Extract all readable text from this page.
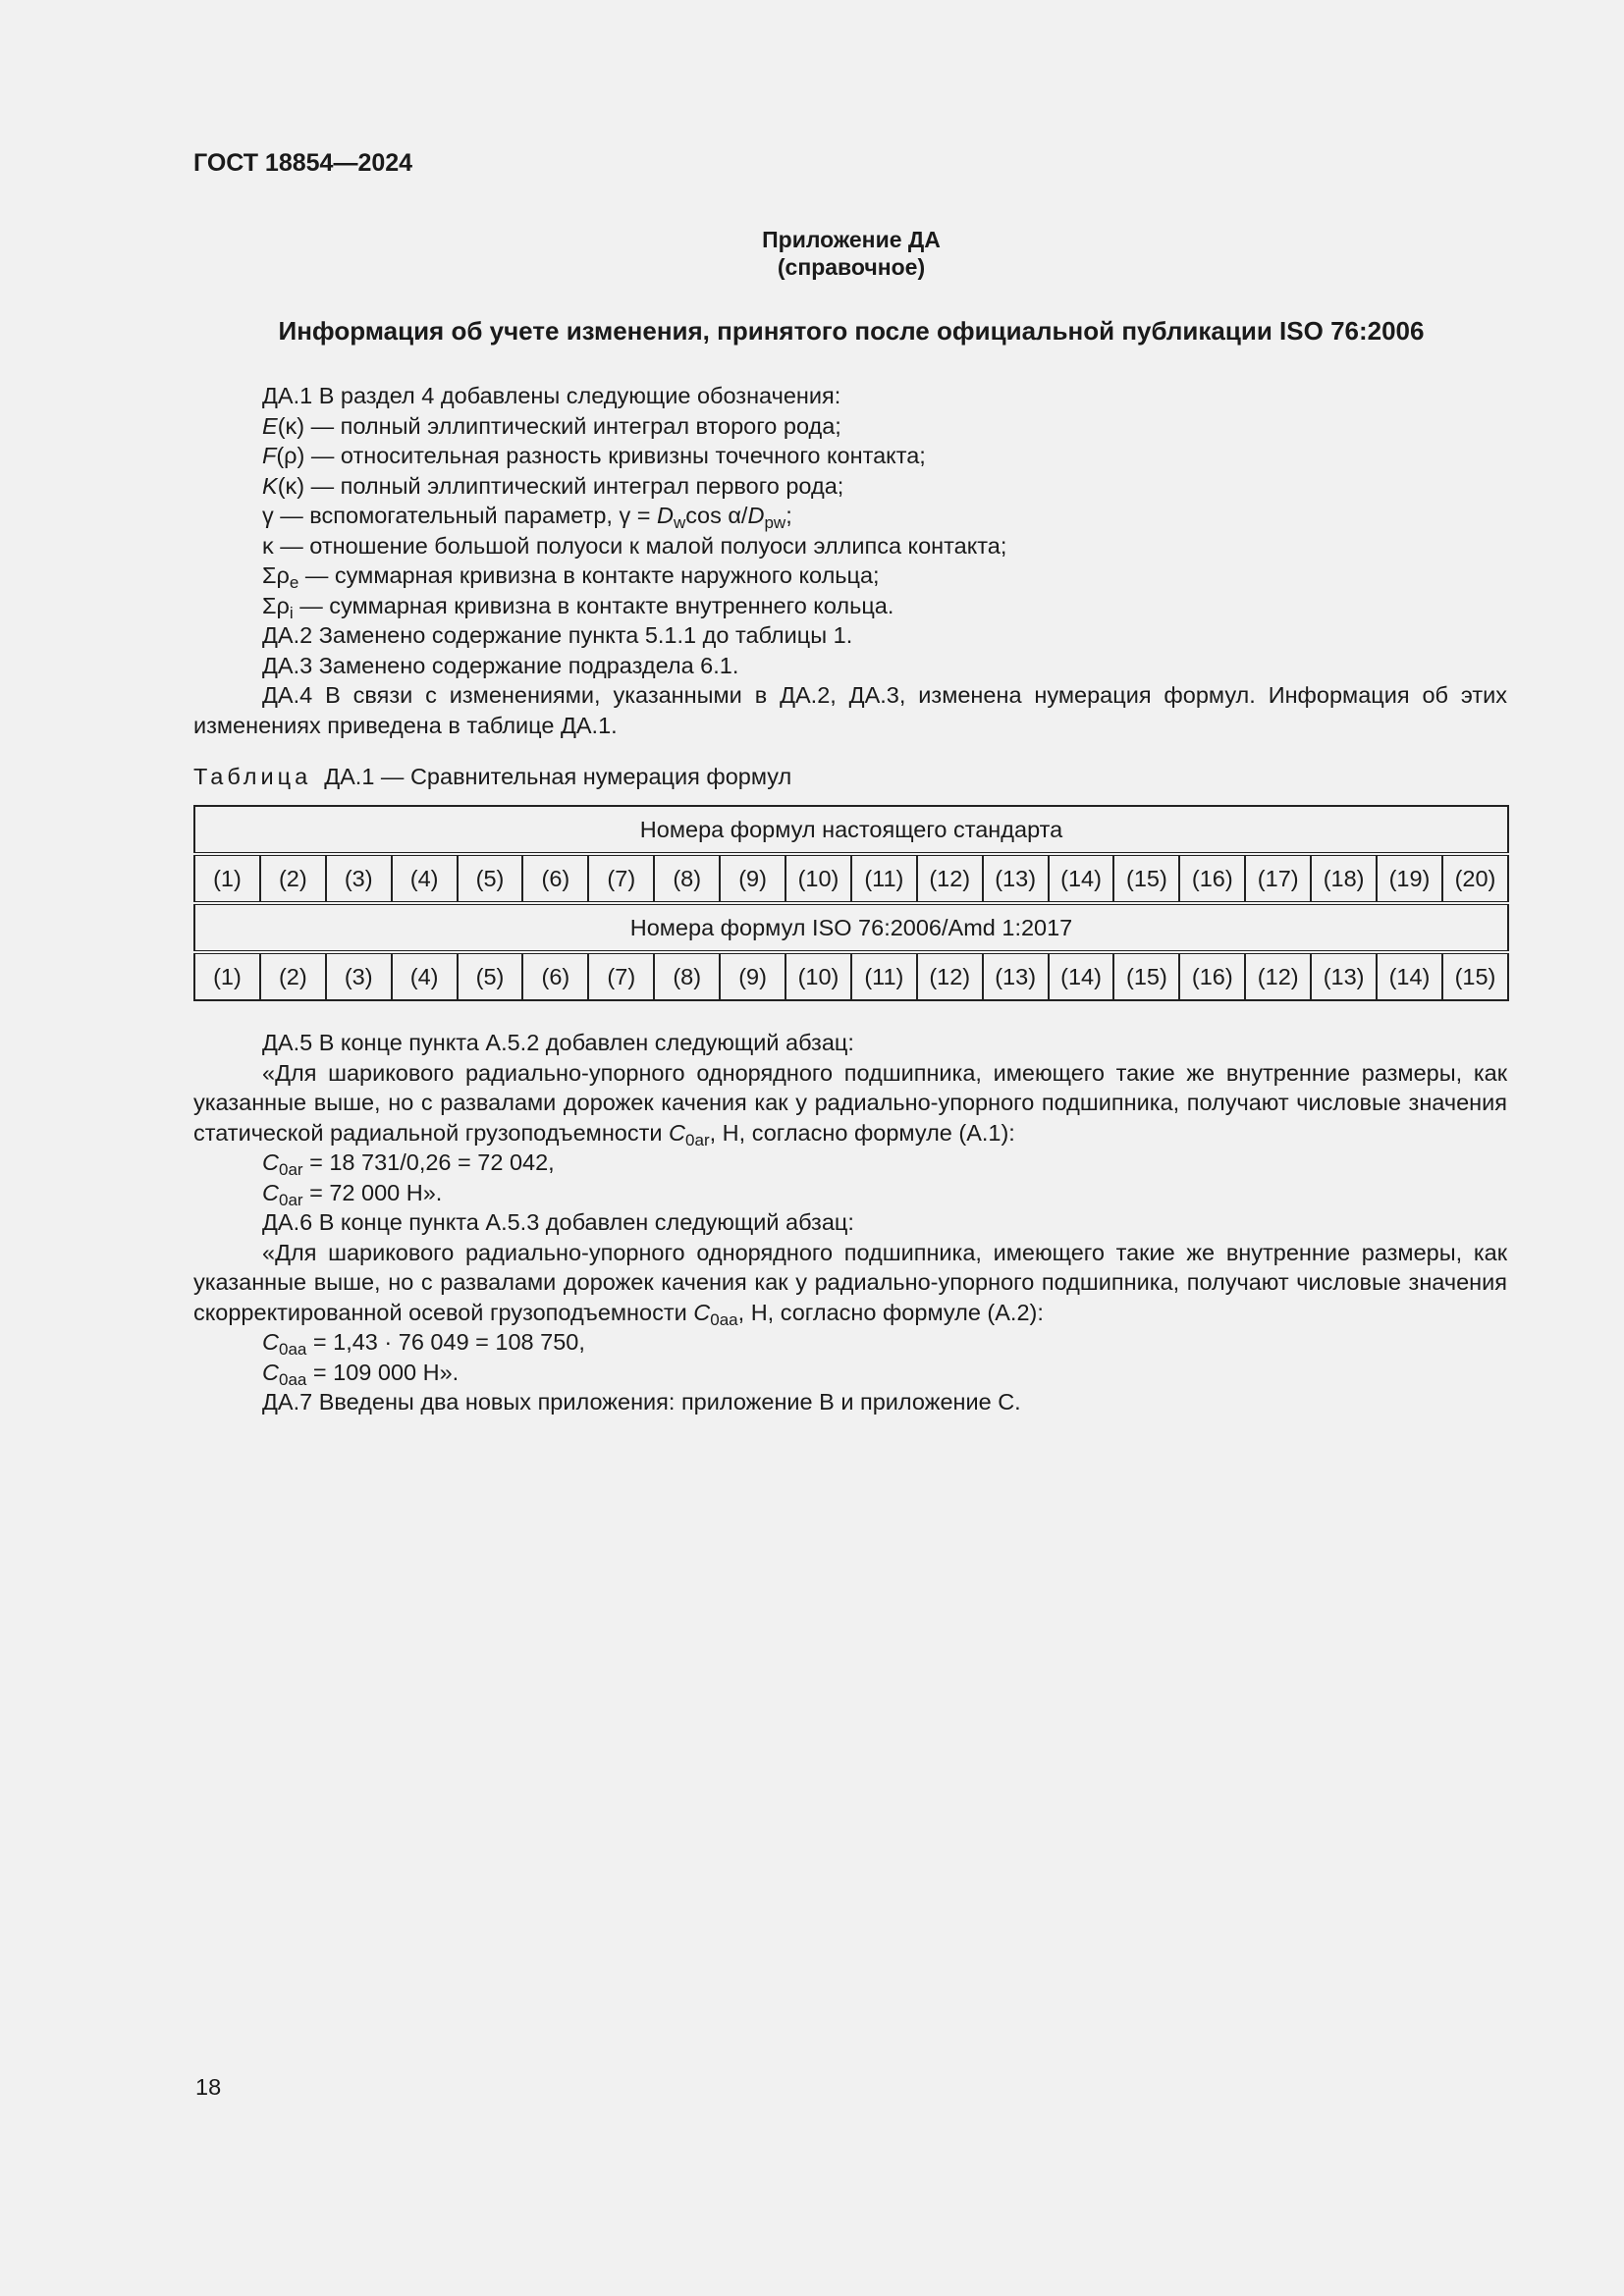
ГОСТ 18854—2024
Приложение ДА
(справочное)
Информация об учете изменения, принятого после официальной публикации ISO 76:2006

ДА.1 В раздел 4 добавлены следующие обозначения:

E(κ) — полный эллиптический интеграл второго рода;

F(ρ) — относительная разность кривизны точечного контакта;

K(κ) — полный эллиптический интеграл первого рода;

γ — вспомогательный параметр, $\gamma = D_w\cos$ $\alpha/D_{pw}$;

κ — отношение большой полуоси к малой полуоси эллипса контакта;

$\Sigma\rho_e$ — суммарная кривизна в контакте наружного кольца;

$\Sigma\rho_i$ — суммарная кривизна в контакте внутреннего кольца.

ДА.2 Заменено содержание пункта 5.1.1 до таблицы 1.

ДА.3 Заменено содержание подраздела 6.1.

ДА.4 В связи с изменениями, указанными в ДА.2, ДА.3, изменена нумерация формул. Информация об этих изменениях приведена в таблице ДА.1.

Таблица ДА.1 — Сравнительная нумерация формул
Номера формул настоящего стандарта																			
(1)	(2)	(3)	(4)	(5)	(6)	(7)	(8)	(9)	(10)	(11)	(12)	(13)	(14)	(15)	(16)	(17)	(18)	(19)	(20)
Номера формул ISO 76:2006/Amd 1:2017																			
(1)	(2)	(3)	(4)	(5)	(6)	(7)	(8)	(9)	(10)	(11)	(12)	(13)	(14)	(15)	(16)	(12)	(13)	(14)	(15)

ДА.5 В конце пункта А.5.2 добавлен следующий абзац:

«Для шарикового радиально-упорного однорядного подшипника, имеющего такие же внутренние размеры, как указанные выше, но с развалами дорожек качения как у радиально-упорного подшипника, получают числовые значения статической радиальной грузоподъемности $C_{0ar}$, Н, согласно формуле (А.1):

$C_{0ar} = 18$ 731/0,26 = 72 042,

$C_{0ar} = 72$ 000 Н».

ДА.6 В конце пункта А.5.3 добавлен следующий абзац:

«Для шарикового радиально-упорного однорядного подшипника, имеющего такие же внутренние размеры, как указанные выше, но с развалами дорожек качения как у радиально-упорного подшипника, получают числовые значения скорректированной осевой грузоподъемности $C_{0aa}$, Н, согласно формуле (А.2):

$C_{0aa} = 1,43 \cdot 76$ 049 = 108 750,

$C_{0aa} = 109$ 000 Н».

ДА.7 Введены два новых приложения: приложение В и приложение С.

18
